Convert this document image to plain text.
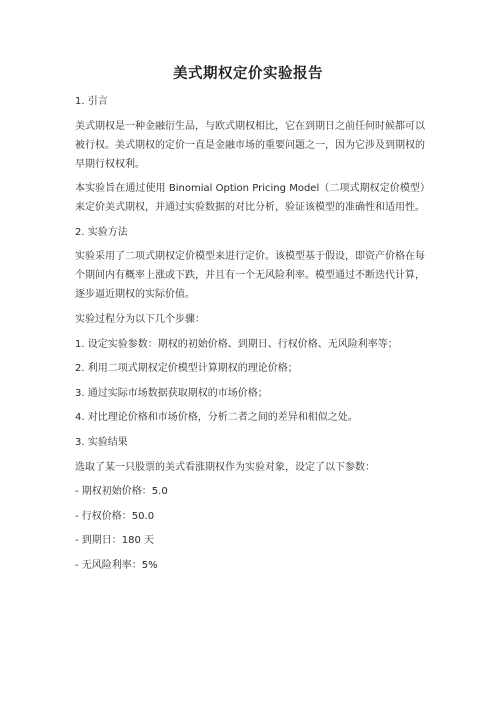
美式期权定价实验报告

1. 引言

美式期权是一种金融衍生品，与欧式期权相比，它在到期日之前任何时候都可以被行权。美式期权的定价一直是金融市场的重要问题之一，因为它涉及到期权的早期行权权利。

本实验旨在通过使用 Binomial Option Pricing Model（二项式期权定价模型）来定价美式期权，并通过实验数据的对比分析，验证该模型的准确性和适用性。

2. 实验方法

实验采用了二项式期权定价模型来进行定价。该模型基于假设，即资产价格在每个期间内有概率上涨或下跌，并且有一个无风险利率。模型通过不断迭代计算，逐步逼近期权的实际价值。

实验过程分为以下几个步骤：

1. 设定实验参数：期权的初始价格、到期日、行权价格、无风险利率等；

2. 利用二项式期权定价模型计算期权的理论价格；

3. 通过实际市场数据获取期权的市场价格；

4. 对比理论价格和市场价格，分析二者之间的差异和相似之处。

3. 实验结果

选取了某一只股票的美式看涨期权作为实验对象，设定了以下参数：

- 期权初始价格：5.0

- 行权价格：50.0

- 到期日：180 天

- 无风险利率：5%
